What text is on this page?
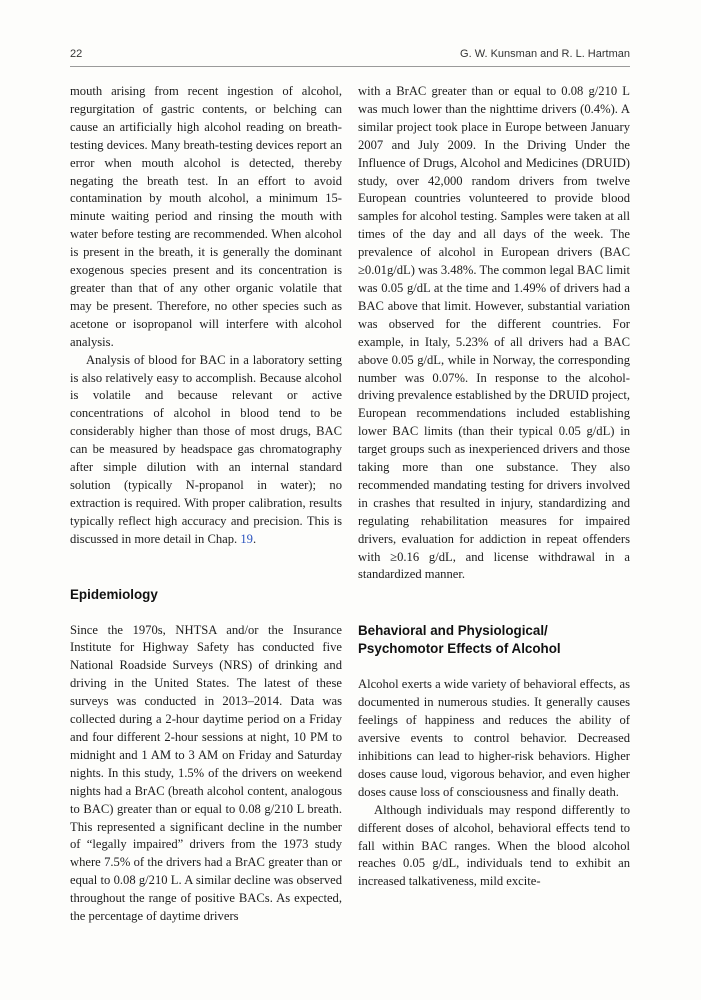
22	G. W. Kunsman and R. L. Hartman

mouth arising from recent ingestion of alcohol, regurgitation of gastric contents, or belching can cause an artificially high alcohol reading on breath-testing devices. Many breath-testing devices report an error when mouth alcohol is detected, thereby negating the breath test. In an effort to avoid contamination by mouth alcohol, a minimum 15-minute waiting period and rinsing the mouth with water before testing are recommended. When alcohol is present in the breath, it is generally the dominant exogenous species present and its concentration is greater than that of any other organic volatile that may be present. Therefore, no other species such as acetone or isopropanol will interfere with alcohol analysis.

Analysis of blood for BAC in a laboratory setting is also relatively easy to accomplish. Because alcohol is volatile and because relevant or active concentrations of alcohol in blood tend to be considerably higher than those of most drugs, BAC can be measured by headspace gas chromatography after simple dilution with an internal standard solution (typically N-propanol in water); no extraction is required. With proper calibration, results typically reflect high accuracy and precision. This is discussed in more detail in Chap. 19.

Epidemiology

Since the 1970s, NHTSA and/or the Insurance Institute for Highway Safety has conducted five National Roadside Surveys (NRS) of drinking and driving in the United States. The latest of these surveys was conducted in 2013–2014. Data was collected during a 2-hour daytime period on a Friday and four different 2-hour sessions at night, 10 PM to midnight and 1 AM to 3 AM on Friday and Saturday nights. In this study, 1.5% of the drivers on weekend nights had a BrAC (breath alcohol content, analogous to BAC) greater than or equal to 0.08 g/210 L breath. This represented a significant decline in the number of “legally impaired” drivers from the 1973 study where 7.5% of the drivers had a BrAC greater than or equal to 0.08 g/210 L. A similar decline was observed throughout the range of positive BACs. As expected, the percentage of daytime drivers

with a BrAC greater than or equal to 0.08 g/210 L was much lower than the nighttime drivers (0.4%). A similar project took place in Europe between January 2007 and July 2009. In the Driving Under the Influence of Drugs, Alcohol and Medicines (DRUID) study, over 42,000 random drivers from twelve European countries volunteered to provide blood samples for alcohol testing. Samples were taken at all times of the day and all days of the week. The prevalence of alcohol in European drivers (BAC ≥0.01g/dL) was 3.48%. The common legal BAC limit was 0.05 g/dL at the time and 1.49% of drivers had a BAC above that limit. However, substantial variation was observed for the different countries. For example, in Italy, 5.23% of all drivers had a BAC above 0.05 g/dL, while in Norway, the corresponding number was 0.07%. In response to the alcohol-driving prevalence established by the DRUID project, European recommendations included establishing lower BAC limits (than their typical 0.05 g/dL) in target groups such as inexperienced drivers and those taking more than one substance. They also recommended mandating testing for drivers involved in crashes that resulted in injury, standardizing and regulating rehabilitation measures for impaired drivers, evaluation for addiction in repeat offenders with ≥0.16 g/dL, and license withdrawal in a standardized manner.

Behavioral and Physiological/
Psychomotor Effects of Alcohol

Alcohol exerts a wide variety of behavioral effects, as documented in numerous studies. It generally causes feelings of happiness and reduces the ability of aversive events to control behavior. Decreased inhibitions can lead to higher-risk behaviors. Higher doses cause loud, vigorous behavior, and even higher doses cause loss of consciousness and finally death.

Although individuals may respond differently to different doses of alcohol, behavioral effects tend to fall within BAC ranges. When the blood alcohol reaches 0.05 g/dL, individuals tend to exhibit an increased talkativeness, mild excite-
